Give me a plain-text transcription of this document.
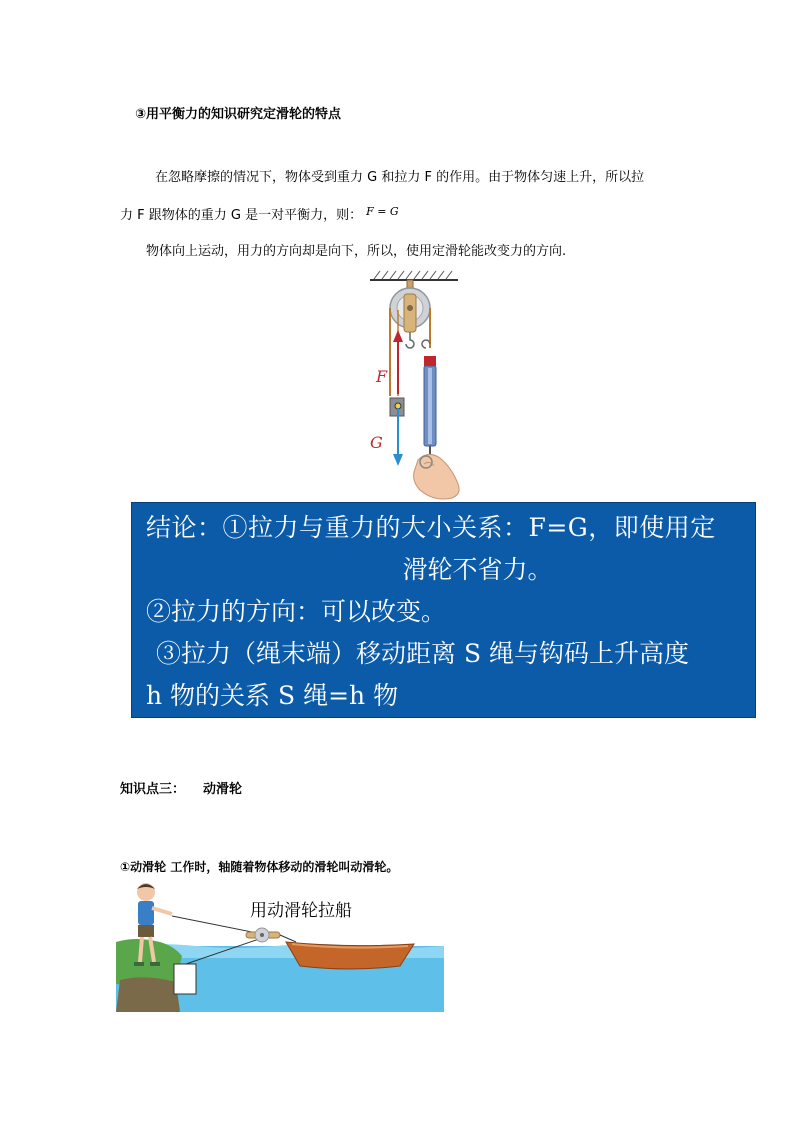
③用平衡力的知识研究定滑轮的特点
在忽略摩擦的情况下，物体受到重力 G 和拉力 F 的作用。由于物体匀速上升，所以拉
力 F 跟物体的重力 G 是一对平衡力，则： $^{F = G}$
物体向上运动，用力的方向却是向下，所以，使用定滑轮能改变力的方向.
F
G
结论：①拉力与重力的大小关系：F=G，即使用定
滑轮不省力。
②拉力的方向：可以改变。
③拉力（绳末端）移动距离 S 绳与钩码上升高度
h 物的关系 S 绳=h 物
知识点三： 动滑轮
①动滑轮 工作时，轴随着物体移动的滑轮叫动滑轮。
用动滑轮拉船
